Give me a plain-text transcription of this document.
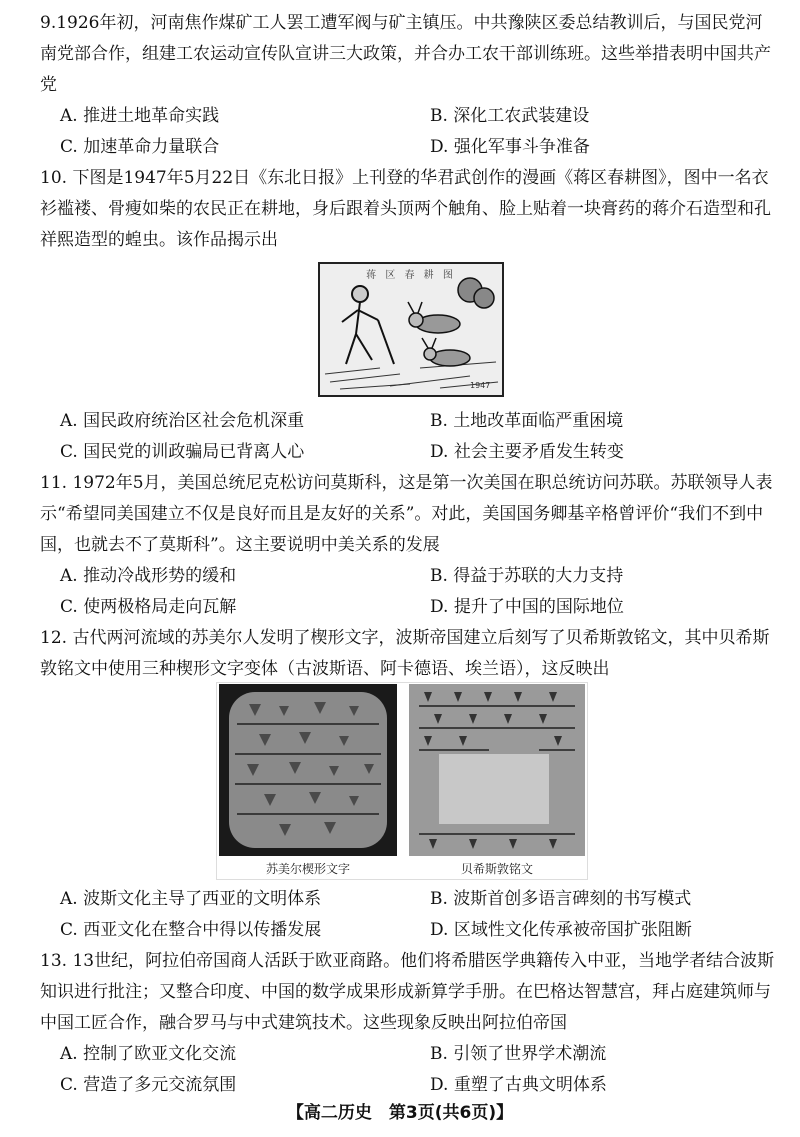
9.1926年初，河南焦作煤矿工人罢工遭军阀与矿主镇压。中共豫陕区委总结教训后，与国民党河南党部合作，组建工农运动宣传队宣讲三大政策，并合办工农干部训练班。这些举措表明中国共产党
A. 推进土地革命实践	B. 深化工农武装建设
C. 加速革命力量联合	D. 强化军事斗争准备
10. 下图是1947年5月22日《东北日报》上刊登的华君武创作的漫画《蒋区春耕图》，图中一名衣衫褴褛、骨瘦如柴的农民正在耕地，身后跟着头顶两个触角、脸上贴着一块膏药的蒋介石造型和孔祥熙造型的蝗虫。该作品揭示出
蒋 区 春 耕 图
1947
A. 国民政府统治区社会危机深重	B. 土地改革面临严重困境
C. 国民党的训政骗局已背离人心	D. 社会主要矛盾发生转变
11. 1972年5月，美国总统尼克松访问莫斯科，这是第一次美国在职总统访问苏联。苏联领导人表示“希望同美国建立不仅是良好而且是友好的关系”。对此，美国国务卿基辛格曾评价“我们不到中国，也就去不了莫斯科”。这主要说明中美关系的发展
A. 推动冷战形势的缓和	B. 得益于苏联的大力支持
C. 使两极格局走向瓦解	D. 提升了中国的国际地位
12. 古代两河流域的苏美尔人发明了楔形文字，波斯帝国建立后刻写了贝希斯敦铭文，其中贝希斯敦铭文中使用三种楔形文字变体（古波斯语、阿卡德语、埃兰语），这反映出
苏美尔楔形文字	贝希斯敦铭文
A. 波斯文化主导了西亚的文明体系	B. 波斯首创多语言碑刻的书写模式
C. 西亚文化在整合中得以传播发展	D. 区域性文化传承被帝国扩张阻断
13. 13世纪，阿拉伯帝国商人活跃于欧亚商路。他们将希腊医学典籍传入中亚，当地学者结合波斯知识进行批注；又整合印度、中国的数学成果形成新算学手册。在巴格达智慧宫，拜占庭建筑师与中国工匠合作，融合罗马与中式建筑技术。这些现象反映出阿拉伯帝国
A. 控制了欧亚文化交流	B. 引领了世界学术潮流
C. 营造了多元交流氛围	D. 重塑了古典文明体系
【高二历史　第3页(共6页)】
